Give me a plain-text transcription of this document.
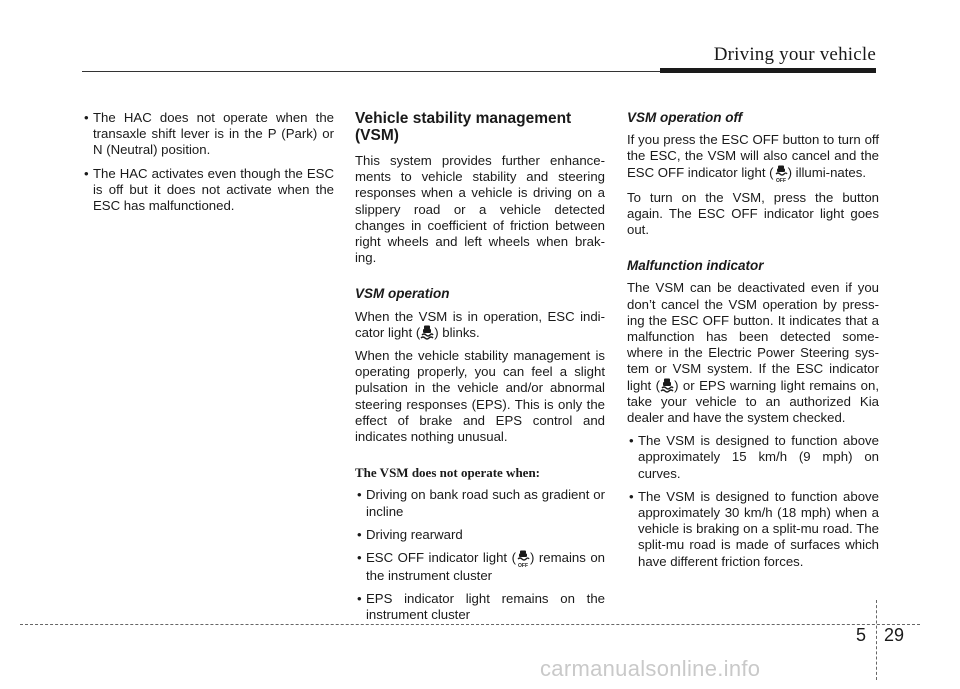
Driving your vehicle
• The HAC does not operate when the transaxle shift lever is in the P (Park) or N (Neutral) position.
• The HAC activates even though the ESC is off but it does not activate when the ESC has malfunctioned.
Vehicle stability management (VSM)

This system provides further enhance-ments to vehicle stability and steering responses when a vehicle is driving on a slippery road or a vehicle detected changes in coefficient of friction between right wheels and left wheels when brak-ing.

VSM operation

When the VSM is in operation, ESC indi-cator light ( ) blinks.

When the vehicle stability management is operating properly, you can feel a slight pulsation in the vehicle and/or abnormal steering responses (EPS). This is only the effect of brake and EPS control and indicates nothing unusual.

The VSM does not operate when:
• Driving on bank road such as gradient or incline
• Driving rearward
• ESC OFF indicator light (
OFF
) remains on the instrument cluster
• EPS indicator light remains on the instrument cluster
VSM operation off

If you press the ESC OFF button to turn off the ESC, the VSM will also cancel and the ESC OFF indicator light (
OFF
) illumi-nates.

To turn on the VSM, press the button again. The ESC OFF indicator light goes out.

Malfunction indicator

The VSM can be deactivated even if you don’t cancel the VSM operation by press-ing the ESC OFF button. It indicates that a malfunction has been detected some-where in the Electric Power Steering sys-tem or VSM system. If the ESC indicator light ( ) or EPS warning light remains on, take your vehicle to an authorized Kia dealer and have the system checked.

• The VSM is designed to function above approximately 15 km/h (9 mph) on curves.
• The VSM is designed to function above approximately 30 km/h (18 mph) when a vehicle is braking on a split-mu road. The split-mu road is made of surfaces which have different friction forces.
5 29
carmanualsonline.info
